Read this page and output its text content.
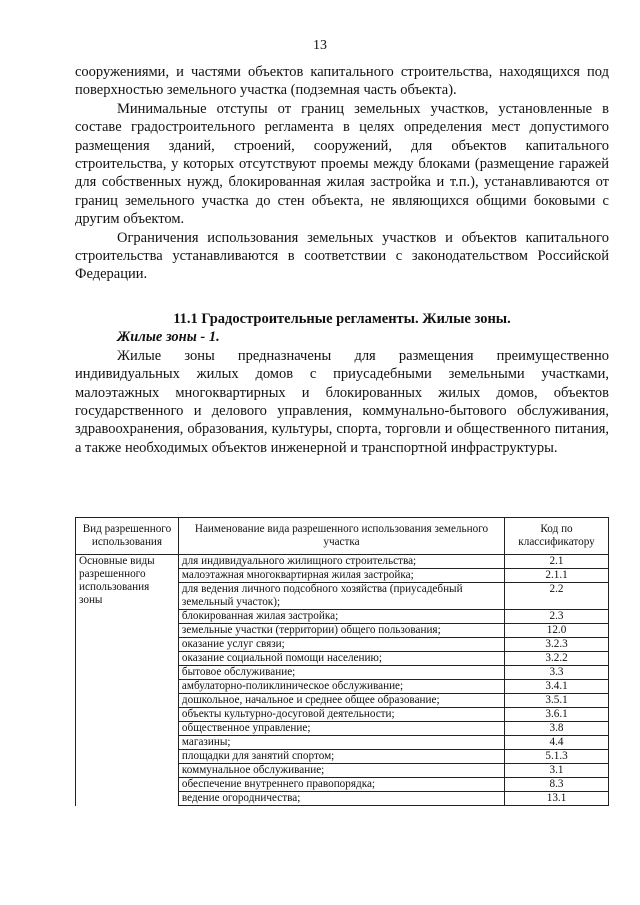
13

сооружениями, и частями объектов капитального строительства, находящихся под поверхностью земельного участка (подземная часть объекта).

Минимальные отступы от границ земельных участков, установленные в составе градостроительного регламента в целях определения мест допустимого размещения зданий, строений, сооружений, для объектов капитального строительства, у которых отсутствуют проемы между блоками (размещение гаражей для собственных нужд, блокированная жилая застройка и т.п.), устанавливаются от границ земельного участка до стен объекта, не являющихся общими боковыми с другим объектом.

Ограничения использования земельных участков и объектов капитального строительства устанавливаются в соответствии с законодательством Российской Федерации.

11.1 Градостроительные регламенты. Жилые зоны.
Жилые зоны - 1.

Жилые зоны предназначены для размещения преимущественно индивидуальных жилых домов с приусадебными земельными участками, малоэтажных многоквартирных и блокированных жилых домов, объектов государственного и делового управления, коммунально-бытового обслуживания, здравоохранения, образования, культуры, спорта, торговли и общественного питания, а также необходимых объектов инженерной и транспортной инфраструктуры.

Вид разрешенного использования	Наименование вида разрешенного использования земельного участка	Код по классификатору
Основные виды разрешенного использования зоны	для индивидуального жилищного строительства;	2.1
	малоэтажная многоквартирная жилая застройка;	2.1.1
	для ведения личного подсобного хозяйства (приусадебный земельный участок);	2.2
	блокированная жилая застройка;	2.3
	земельные участки (территории) общего пользования;	12.0
	оказание услуг связи;	3.2.3
	оказание социальной помощи населению;	3.2.2
	бытовое обслуживание;	3.3
	амбулаторно-поликлиническое обслуживание;	3.4.1
	дошкольное, начальное и среднее общее образование;	3.5.1
	объекты культурно-досуговой деятельности;	3.6.1
	общественное управление;	3.8
	магазины;	4.4
	площадки для занятий спортом;	5.1.3
	коммунальное обслуживание;	3.1
	обеспечение внутреннего правопорядка;	8.3
	ведение огородничества;	13.1
